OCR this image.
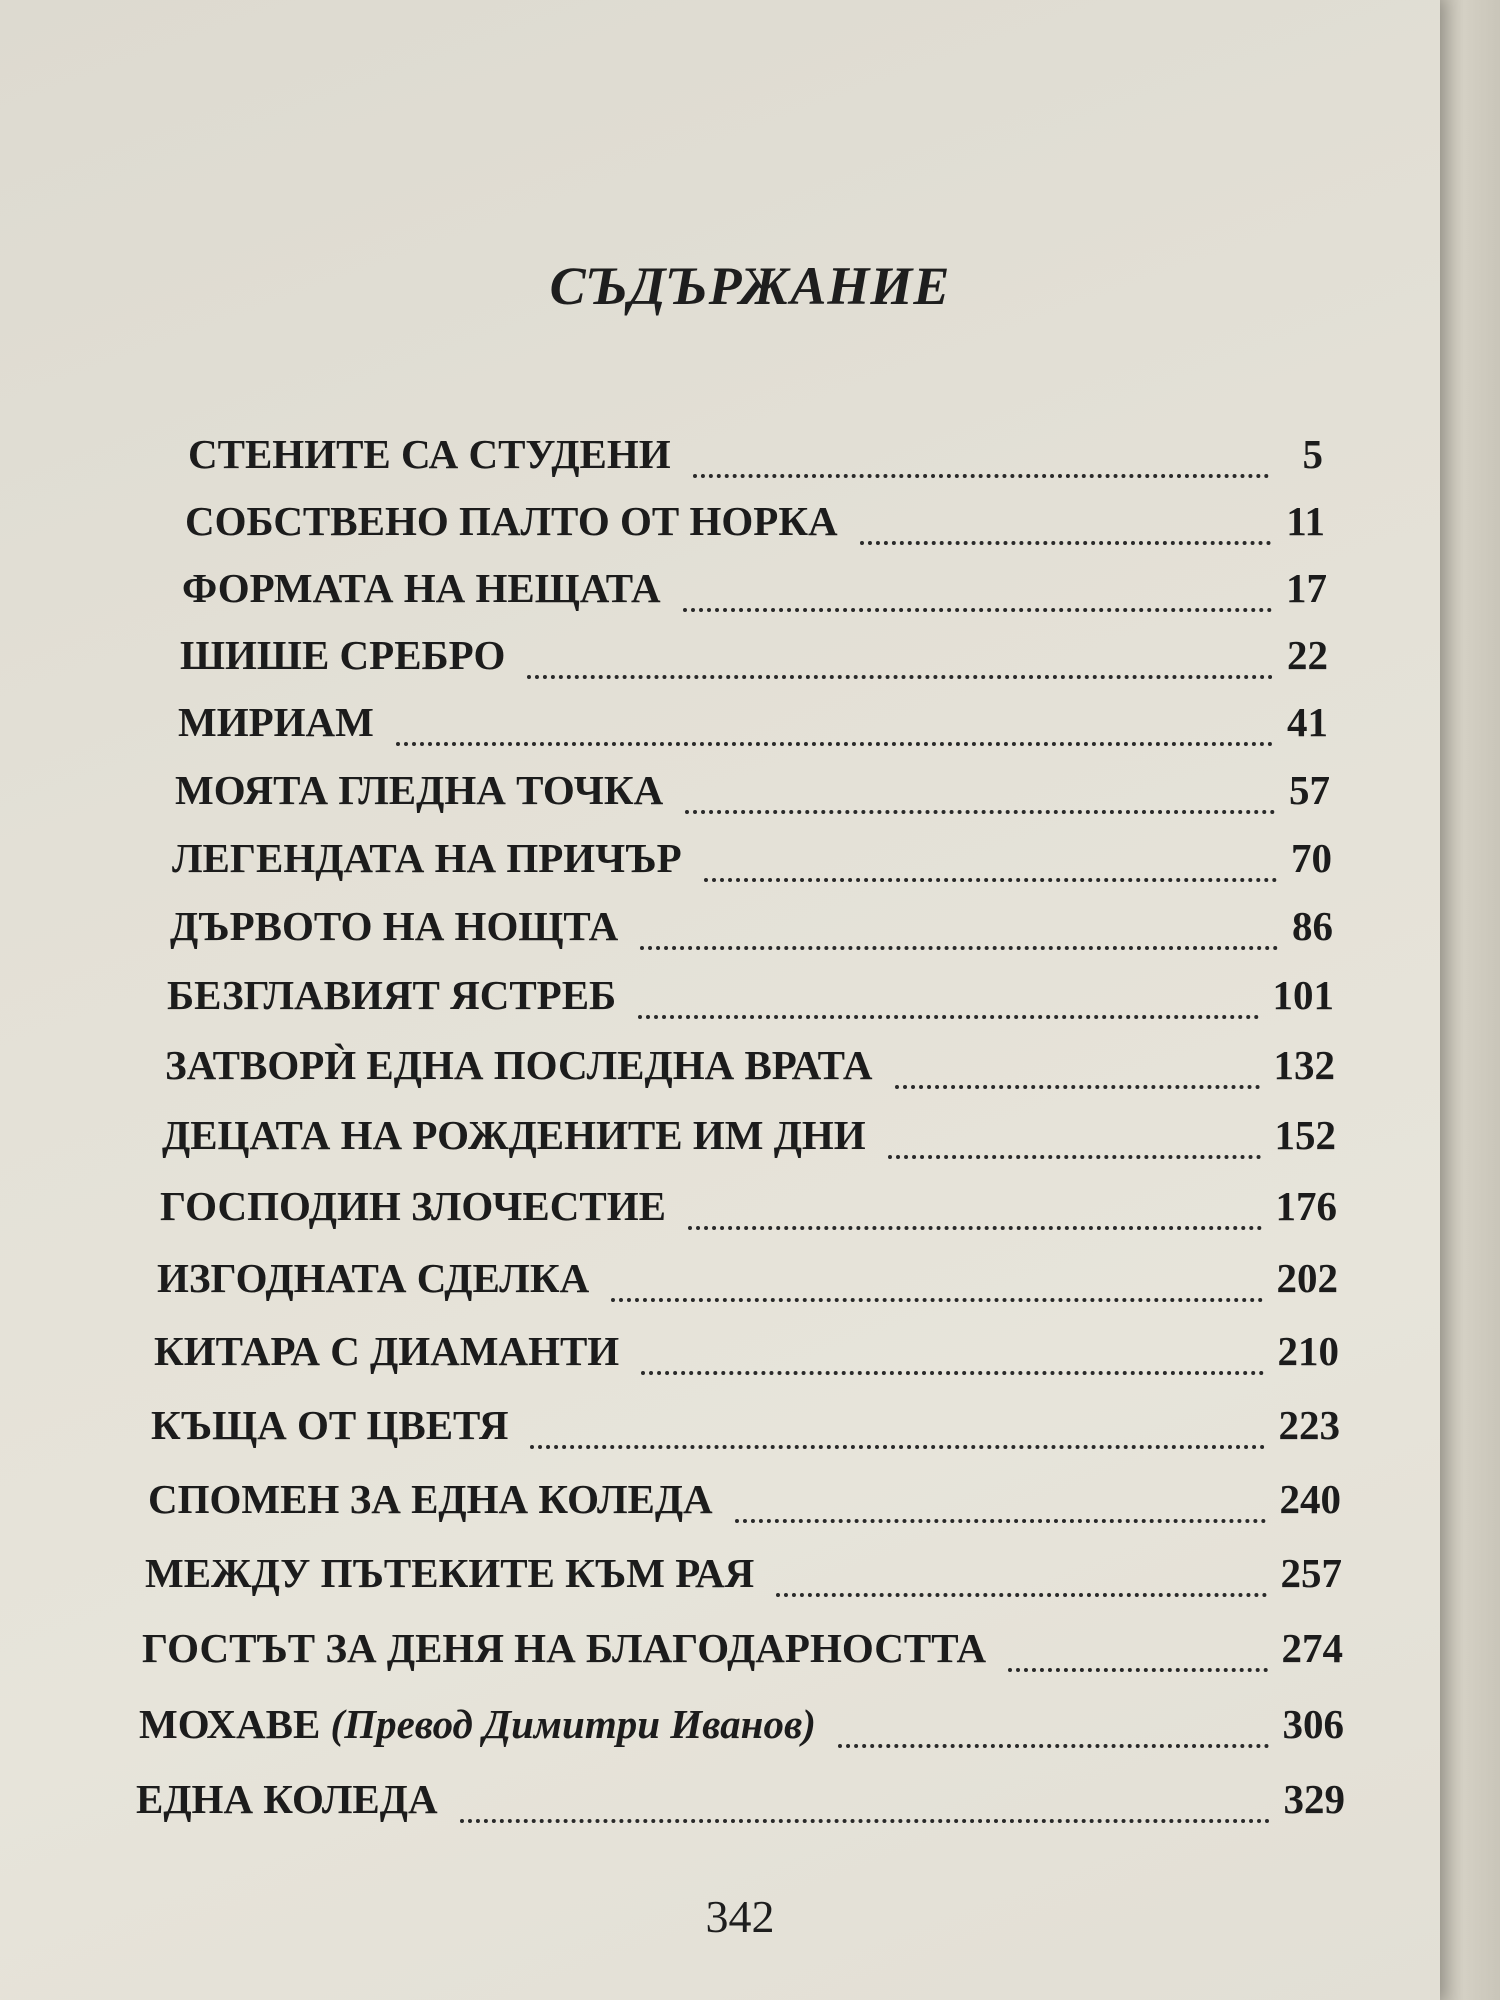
СЪДЪРЖАНИЕ
СТЕНИТЕ СА СТУДЕНИ	5
СОБСТВЕНО ПАЛТО ОТ НОРКА	11
ФОРМАТА НА НЕЩАТА	17
ШИШЕ СРЕБРО	22
МИРИАМ	41
МОЯТА ГЛЕДНА ТОЧКА	57
ЛЕГЕНДАТА НА ПРИЧЪР	70
ДЪРВОТО НА НОЩТА	86
БЕЗГЛАВИЯТ ЯСТРЕБ	101
ЗАТВОРЍ ЕДНА ПОСЛЕДНА ВРАТА	132
ДЕЦАТА НА РОЖДЕНИТЕ ИМ ДНИ	152
ГОСПОДИН ЗЛОЧЕСТИЕ	176
ИЗГОДНАТА СДЕЛКА	202
КИТАРА С ДИАМАНТИ	210
КЪЩА ОТ ЦВЕТЯ	223
СПОМЕН ЗА ЕДНА КОЛЕДА	240
МЕЖДУ ПЪТЕКИТЕ КЪМ РАЯ	257
ГОСТЪТ ЗА ДЕНЯ НА БЛАГОДАРНОСТТА	274
МОХАВЕ (Превод Димитри Иванов)	306
ЕДНА КОЛЕДА	329
342
